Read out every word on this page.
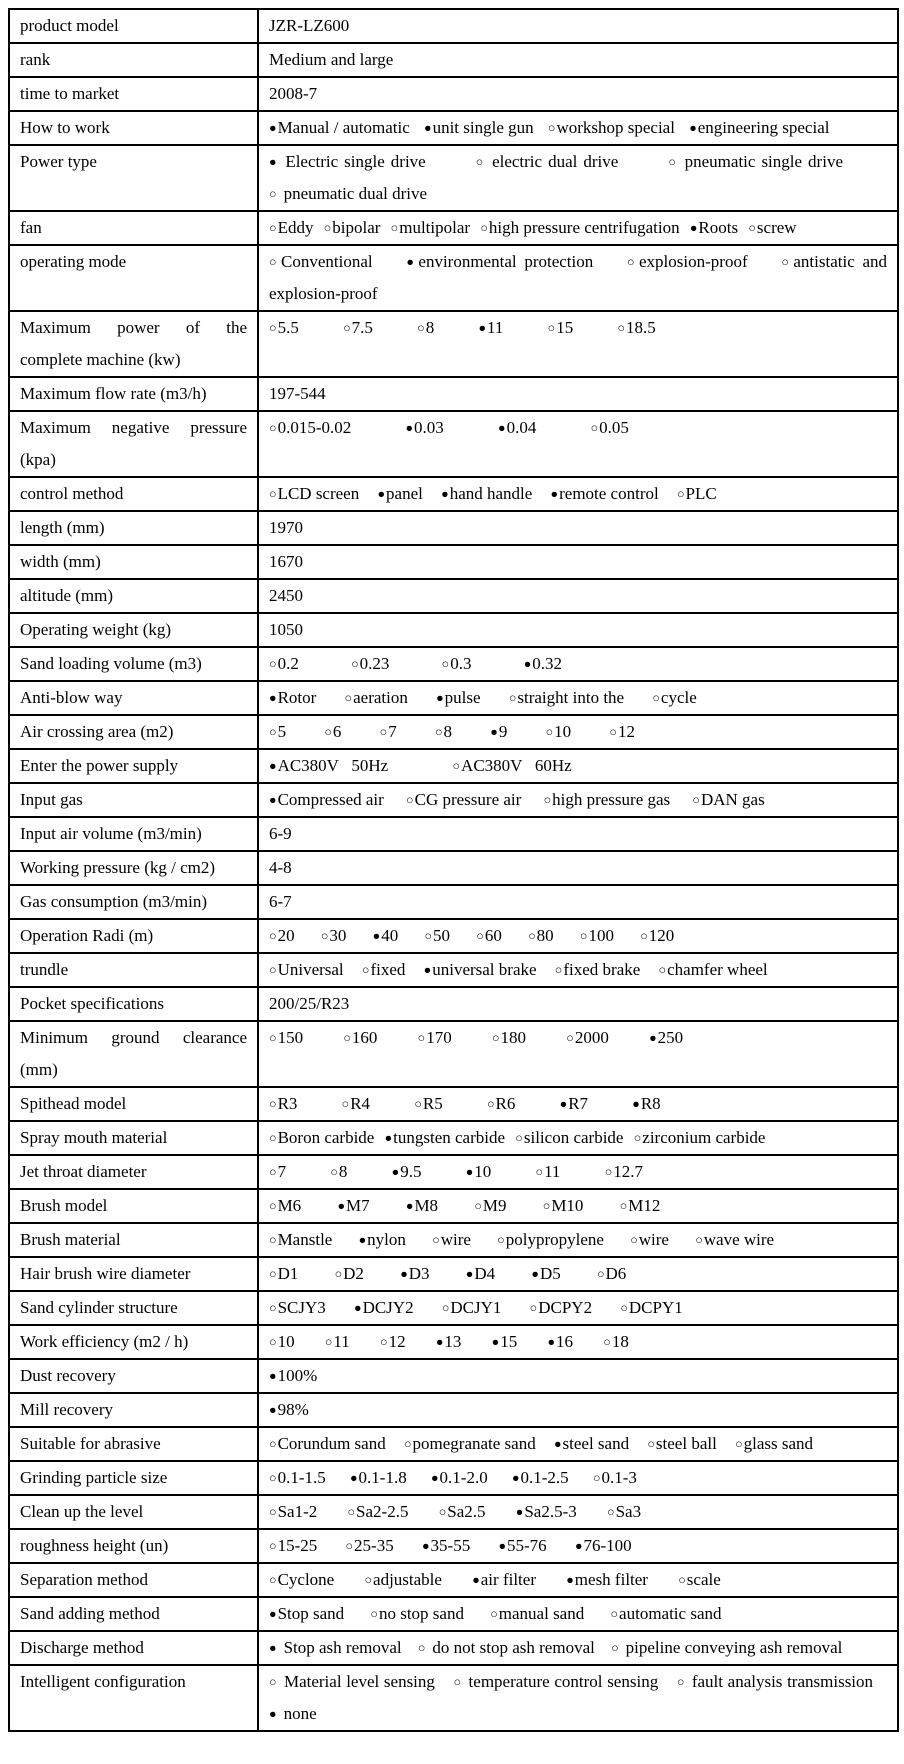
product model	JZR-LZ600
rank	Medium and large
time to market	2008-7
How to work	●Manual / automatic ●unit single gun ○workshop special ●engineering special
Power type	● Electric single drive ○ electric dual drive ○ pneumatic single drive ○ pneumatic dual drive
fan	○Eddy ○bipolar ○multipolar ○high pressure centrifugation ●Roots ○screw
operating mode	○Conventional ●environmental protection ○explosion-proof ○antistatic and explosion-proof
Maximum power of the complete machine (kw)	○5.5 ○7.5 ○8 ●11 ○15 ○18.5
Maximum flow rate (m3/h)	197-544
Maximum negative pressure (kpa)	○0.015-0.02 ●0.03 ●0.04 ○0.05
control method	○LCD screen ●panel ●hand handle ●remote control ○PLC
length (mm)	1970
width (mm)	1670
altitude (mm)	2450
Operating weight (kg)	1050
Sand loading volume (m3)	○0.2 ○0.23 ○0.3 ●0.32
Anti-blow way	●Rotor ○aeration ●pulse ○straight into the ○cycle
Air crossing area (m2)	○5 ○6 ○7 ○8 ●9 ○10 ○12
Enter the power supply	●AC380V   50Hz ○AC380V   60Hz
Input gas	●Compressed air ○CG pressure air ○high pressure gas ○DAN gas
Input air volume (m3/min)	6-9
Working pressure (kg / cm2)	4-8
Gas consumption (m3/min)	6-7
Operation Radi (m)	○20 ○30 ●40 ○50 ○60 ○80 ○100 ○120
trundle	○Universal ○fixed ●universal brake ○fixed brake ○chamfer wheel
Pocket specifications	200/25/R23
Minimum ground clearance (mm)	○150 ○160 ○170 ○180 ○2000 ●250
Spithead model	○R3 ○R4 ○R5 ○R6 ●R7 ●R8
Spray mouth material	○Boron carbide ●tungsten carbide ○silicon carbide ○zirconium carbide
Jet throat diameter	○7 ○8 ●9.5 ●10 ○11 ○12.7
Brush model	○M6 ●M7 ●M8 ○M9 ○M10 ○M12
Brush material	○Manstle ●nylon ○wire ○polypropylene ○wire ○wave wire
Hair brush wire diameter	○D1 ○D2 ●D3 ●D4 ●D5 ○D6
Sand cylinder structure	○SCJY3 ●DCJY2 ○DCJY1 ○DCPY2 ○DCPY1
Work efficiency (m2 / h)	○10 ○11 ○12 ●13 ●15 ●16 ○18
Dust recovery	●100%
Mill recovery	●98%
Suitable for abrasive	○Corundum sand ○pomegranate sand ●steel sand ○steel ball ○glass sand
Grinding particle size	○0.1-1.5 ●0.1-1.8 ●0.1-2.0 ●0.1-2.5 ○0.1-3
Clean up the level	○Sa1-2 ○Sa2-2.5 ○Sa2.5 ●Sa2.5-3 ○Sa3
roughness height (un)	○15-25 ○25-35 ●35-55 ●55-76 ●76-100
Separation method	○Cyclone ○adjustable ●air filter ●mesh filter ○scale
Sand adding method	●Stop sand ○no stop sand ○manual sand ○automatic sand
Discharge method	● Stop ash removal ○ do not stop ash removal ○ pipeline conveying ash removal
Intelligent configuration	○ Material level sensing ○ temperature control sensing ○ fault analysis transmission ● none
